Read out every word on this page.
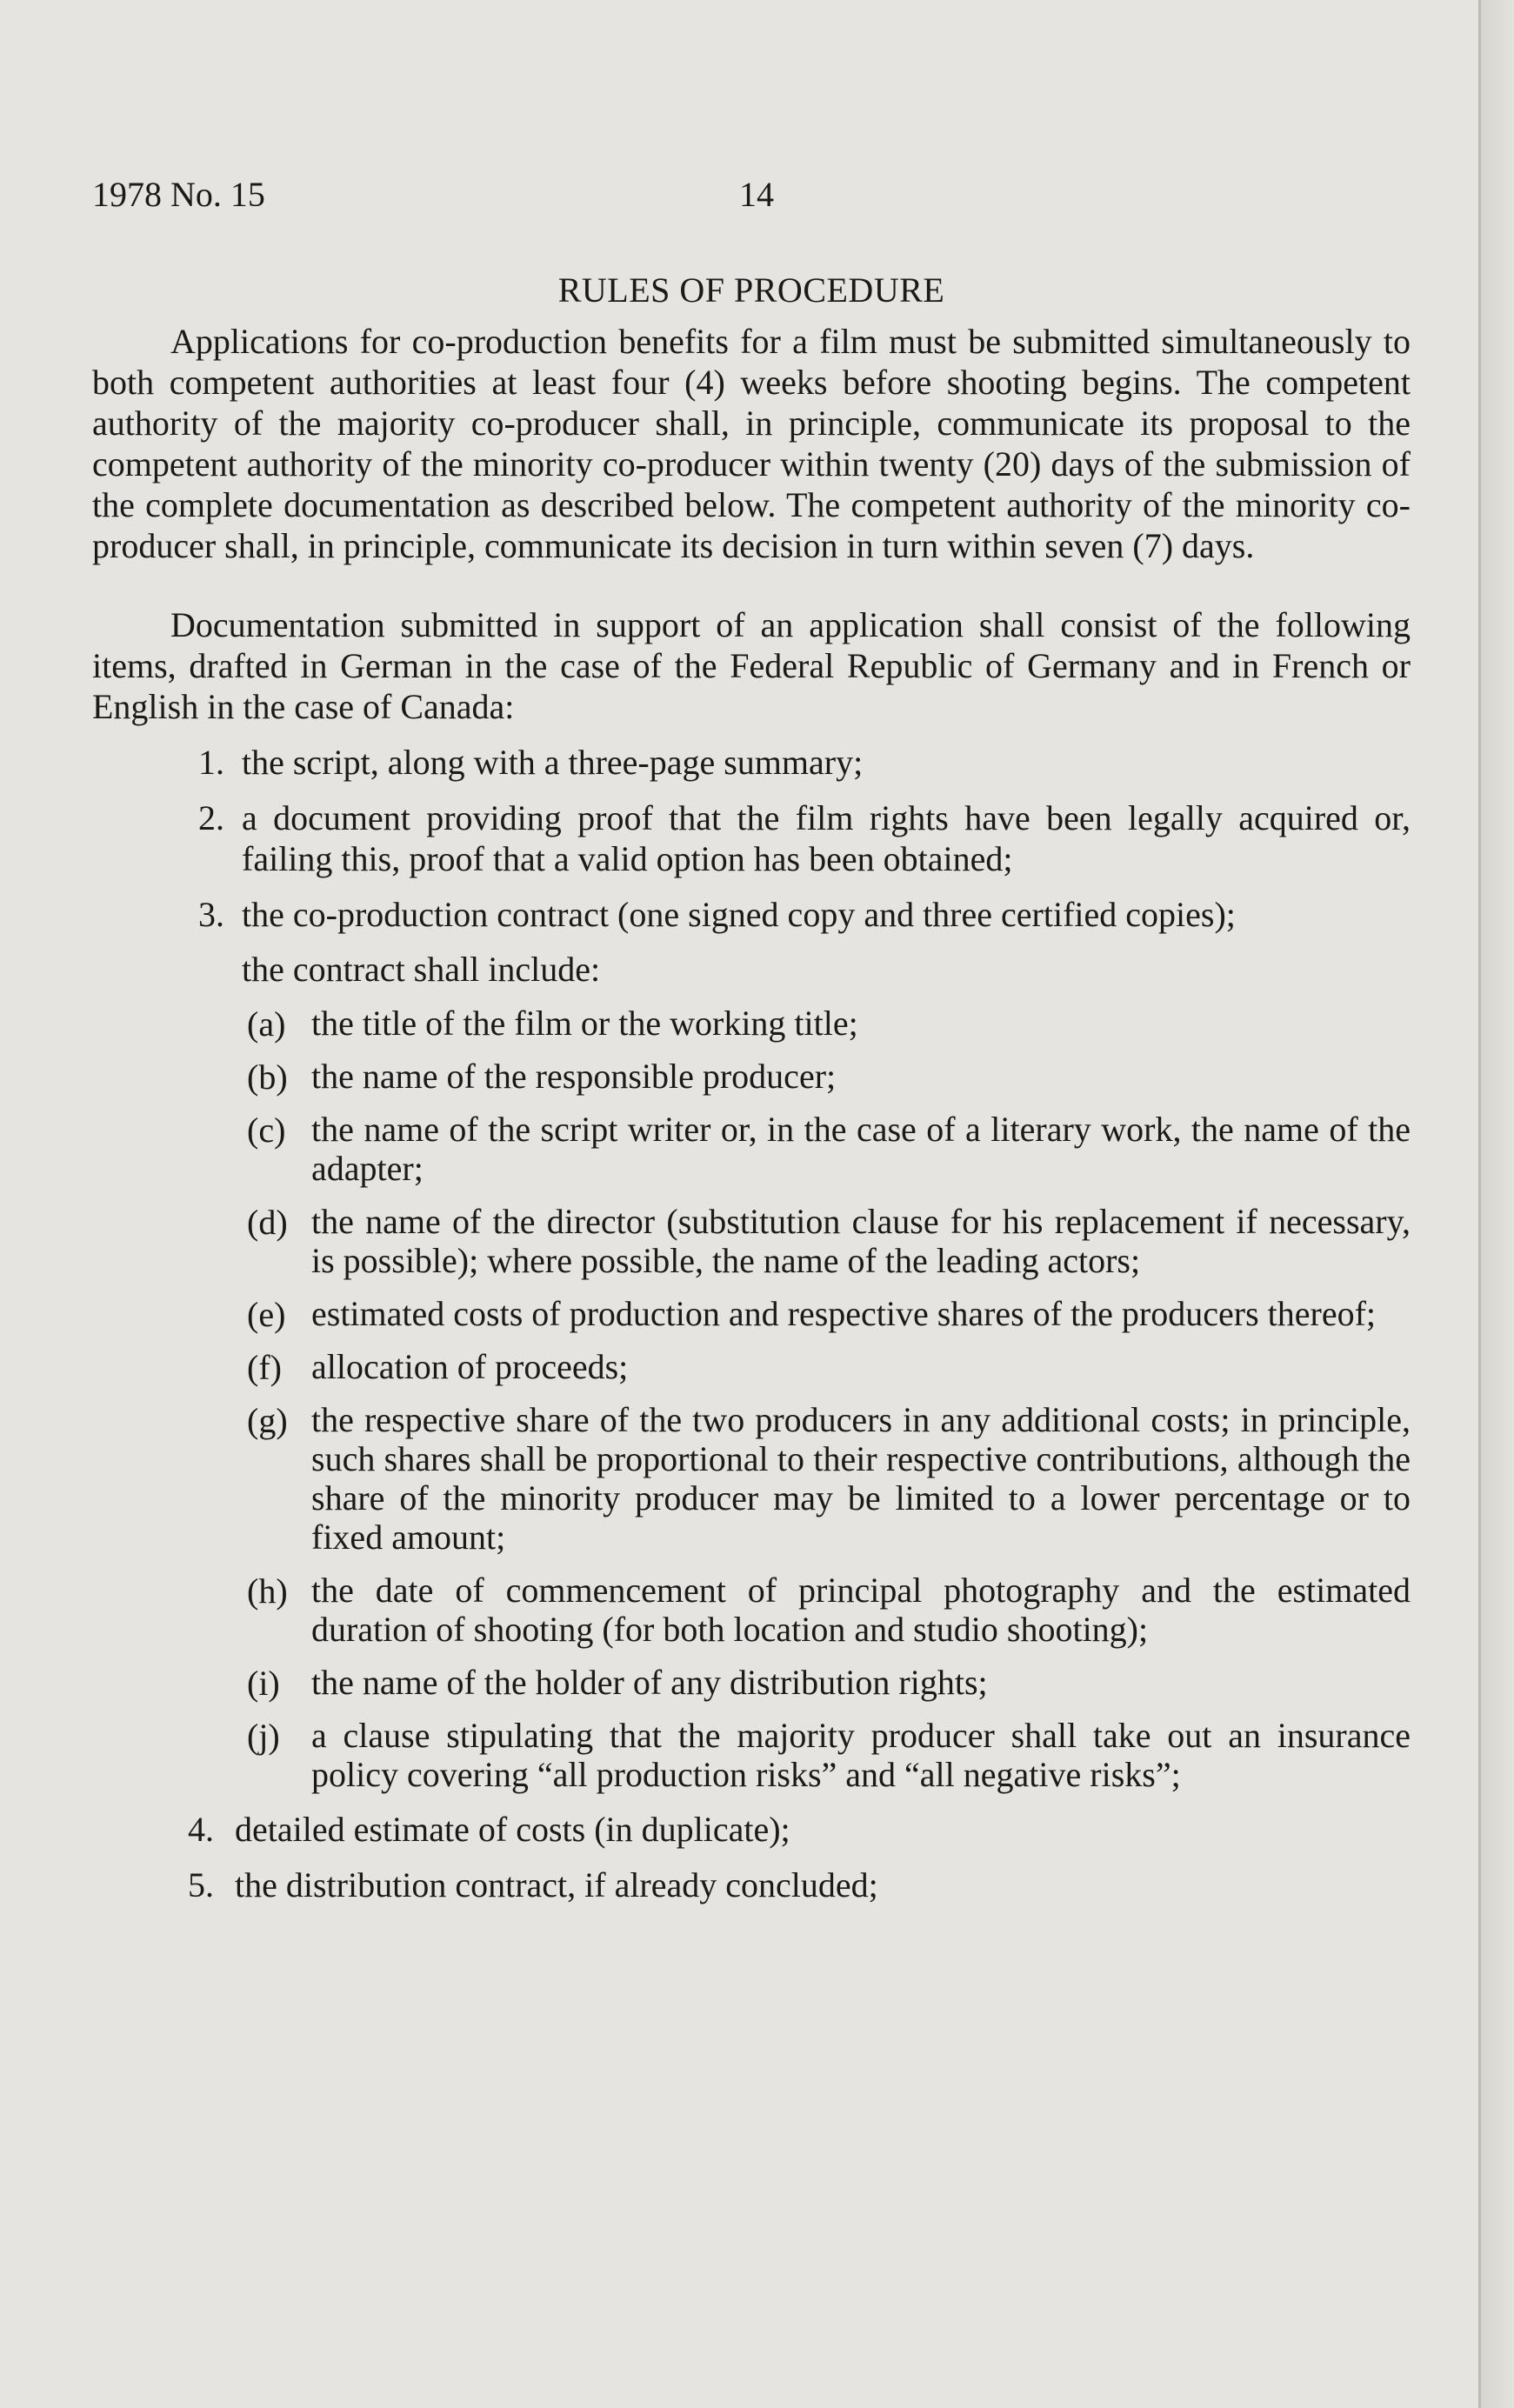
1978 No. 15	14
RULES OF PROCEDURE

Applications for co-production benefits for a film must be submitted simultaneously to both competent authorities at least four (4) weeks before shooting begins. The competent authority of the majority co-producer shall, in principle, communicate its proposal to the competent authority of the minority co-producer within twenty (20) days of the submission of the complete documentation as described below. The competent authority of the minority co-producer shall, in principle, communicate its decision in turn within seven (7) days.

Documentation submitted in support of an application shall consist of the following items, drafted in German in the case of the Federal Republic of Germany and in French or English in the case of Canada:

1. the script, along with a three-page summary;
2. a document providing proof that the film rights have been legally acquired or, failing this, proof that a valid option has been obtained;
3. the co-production contract (one signed copy and three certified copies);
the contract shall include:
(a) the title of the film or the working title;
(b) the name of the responsible producer;
(c) the name of the script writer or, in the case of a literary work, the name of the adapter;
(d) the name of the director (substitution clause for his replacement if necessary, is possible); where possible, the name of the leading actors;
(e) estimated costs of production and respective shares of the producers thereof;
(f) allocation of proceeds;
(g) the respective share of the two producers in any additional costs; in principle, such shares shall be proportional to their respective contributions, although the share of the minority producer may be limited to a lower percentage or to fixed amount;
(h) the date of commencement of principal photography and the estimated duration of shooting (for both location and studio shooting);
(i) the name of the holder of any distribution rights;
(j) a clause stipulating that the majority producer shall take out an insurance policy covering “all production risks” and “all negative risks”;
4. detailed estimate of costs (in duplicate);
5. the distribution contract, if already concluded;
